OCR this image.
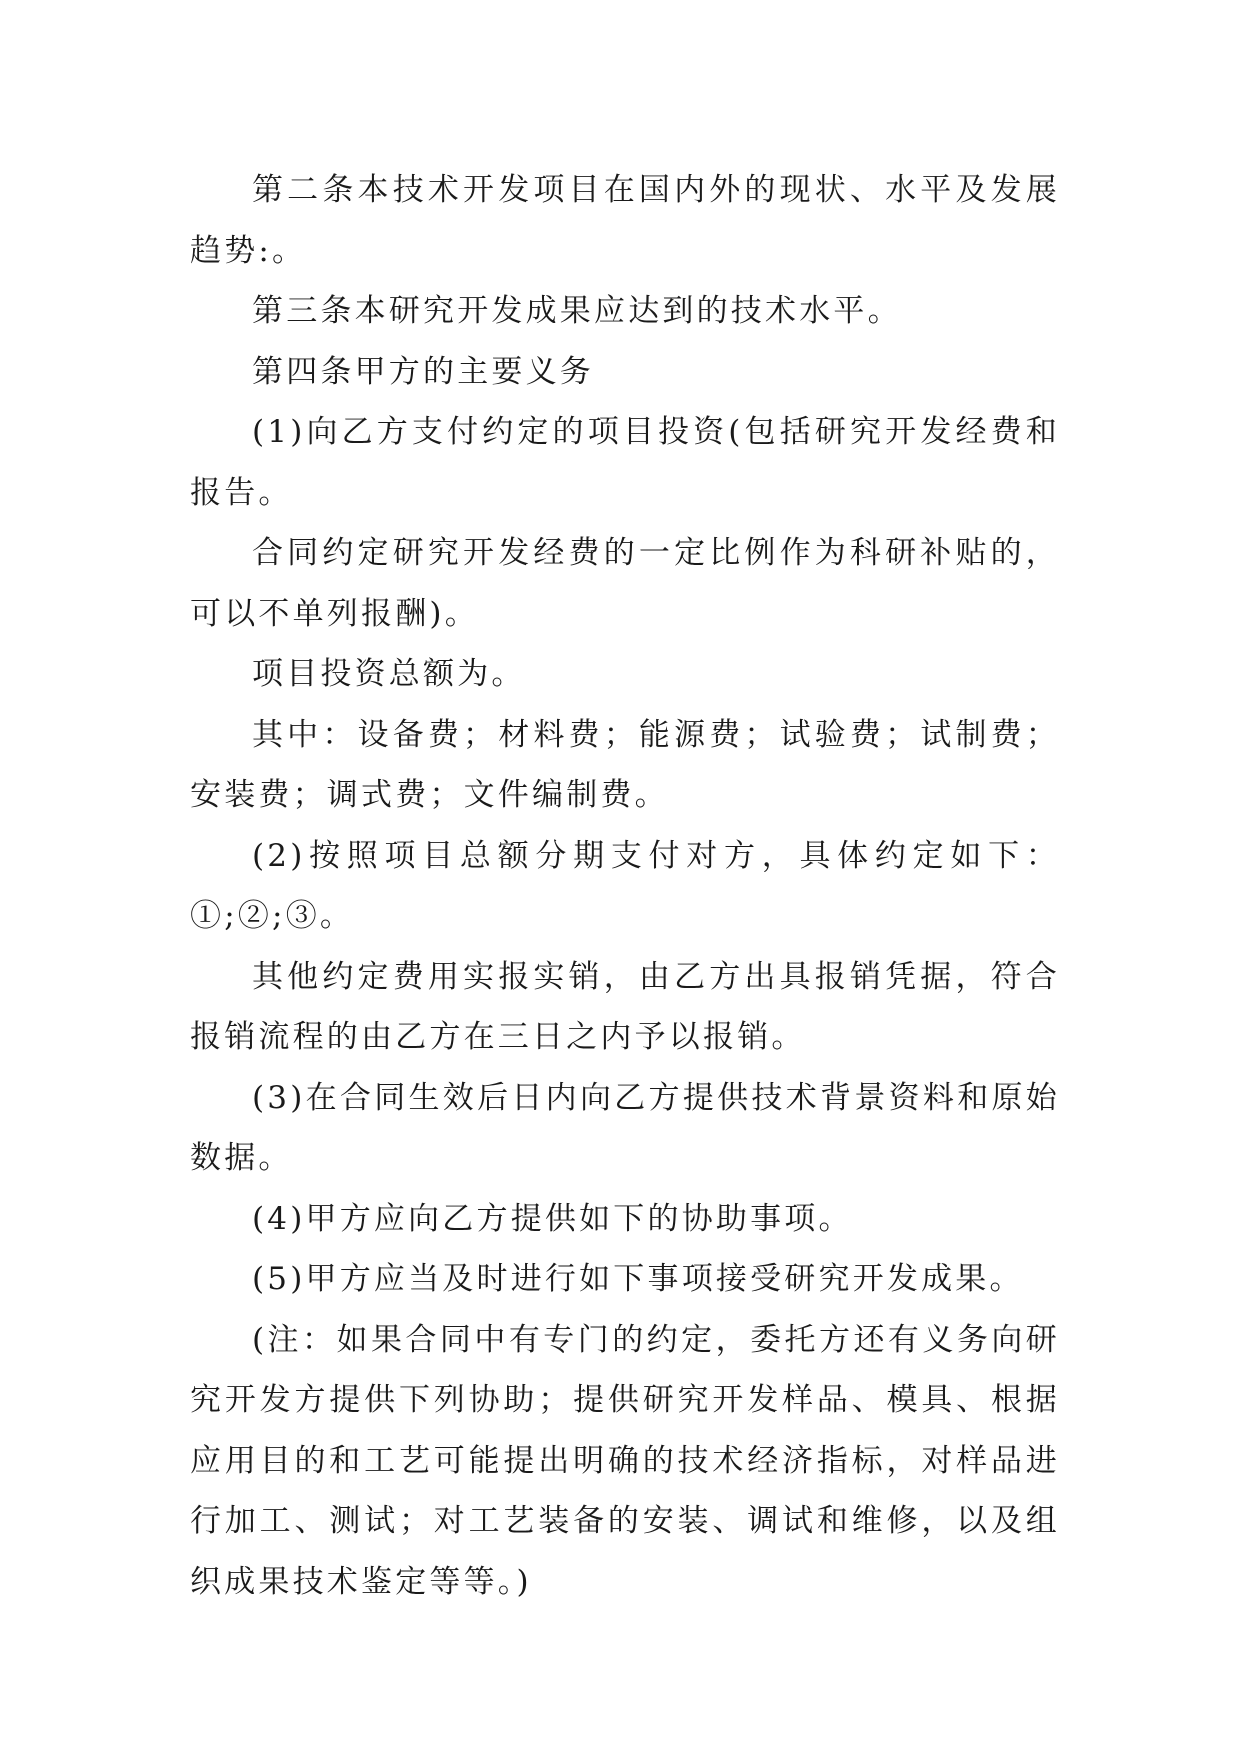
第二条本技术开发项目在国内外的现状、水平及发展趋势:。

第三条本研究开发成果应达到的技术水平。

第四条甲方的主要义务

(1)向乙方支付约定的项目投资(包括研究开发经费和报告。

合同约定研究开发经费的一定比例作为科研补贴的，可以不单列报酬)。

项目投资总额为。

其中：设备费；材料费；能源费；试验费；试制费；安装费；调式费；文件编制费。

(2)按照项目总额分期支付对方，具体约定如下：①;②;③。

其他约定费用实报实销，由乙方出具报销凭据，符合报销流程的由乙方在三日之内予以报销。

(3)在合同生效后日内向乙方提供技术背景资料和原始数据。

(4)甲方应向乙方提供如下的协助事项。

(5)甲方应当及时进行如下事项接受研究开发成果。

(注：如果合同中有专门的约定，委托方还有义务向研究开发方提供下列协助；提供研究开发样品、模具、根据应用目的和工艺可能提出明确的技术经济指标，对样品进行加工、测试；对工艺装备的安装、调试和维修，以及组织成果技术鉴定等等。)
